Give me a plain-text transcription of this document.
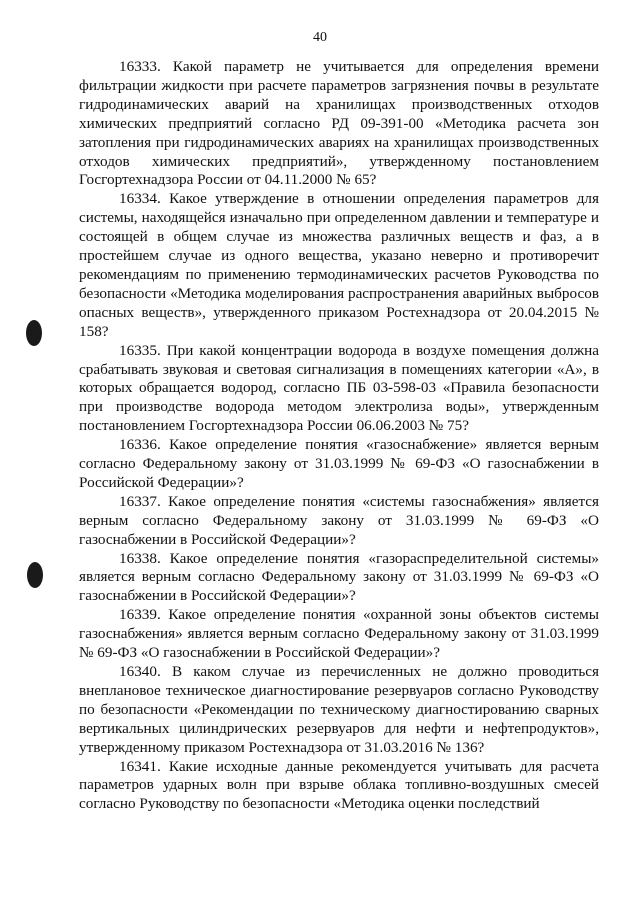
40

16333. Какой параметр не учитывается для определения времени фильтрации жидкости при расчете параметров загрязнения почвы в результате гидродинамических аварий на хранилищах производственных отходов химических предприятий согласно РД 09-391-00 «Методика расчета зон затопления при гидродинамических авариях на хранилищах производственных отходов химических предприятий», утвержденному постановлением Госгортехнадзора России от 04.11.2000 № 65?

16334. Какое утверждение в отношении определения параметров для системы, находящейся изначально при определенном давлении и температуре и состоящей в общем случае из множества различных веществ и фаз, а в простейшем случае из одного вещества, указано неверно и противоречит рекомендациям по применению термодинамических расчетов Руководства по безопасности «Методика моделирования распространения аварийных выбросов опасных веществ», утвержденного приказом Ростехнадзора от 20.04.2015 № 158?

16335. При какой концентрации водорода в воздухе помещения должна срабатывать звуковая и световая сигнализация в помещениях категории «А», в которых обращается водород, согласно ПБ 03-598-03 «Правила безопасности при производстве водорода методом электролиза воды», утвержденным постановлением Госгортехнадзора России 06.06.2003 № 75?

16336. Какое определение понятия «газоснабжение» является верным согласно Федеральному закону от 31.03.1999 № 69-ФЗ «О газоснабжении в Российской Федерации»?

16337. Какое определение понятия «системы газоснабжения» является верным согласно Федеральному закону от 31.03.1999 № 69-ФЗ «О газоснабжении в Российской Федерации»?

16338. Какое определение понятия «газораспределительной системы» является верным согласно Федеральному закону от 31.03.1999 № 69-ФЗ «О газоснабжении в Российской Федерации»?

16339. Какое определение понятия «охранной зоны объектов системы газоснабжения» является верным согласно Федеральному закону от 31.03.1999 № 69-ФЗ «О газоснабжении в Российской Федерации»?

16340. В каком случае из перечисленных не должно проводиться внеплановое техническое диагностирование резервуаров согласно Руководству по безопасности «Рекомендации по техническому диагностированию сварных вертикальных цилиндрических резервуаров для нефти и нефтепродуктов», утвержденному приказом Ростехнадзора от 31.03.2016 № 136?

16341. Какие исходные данные рекомендуется учитывать для расчета параметров ударных волн при взрыве облака топливно-воздушных смесей согласно Руководству по безопасности «Методика оценки последствий
